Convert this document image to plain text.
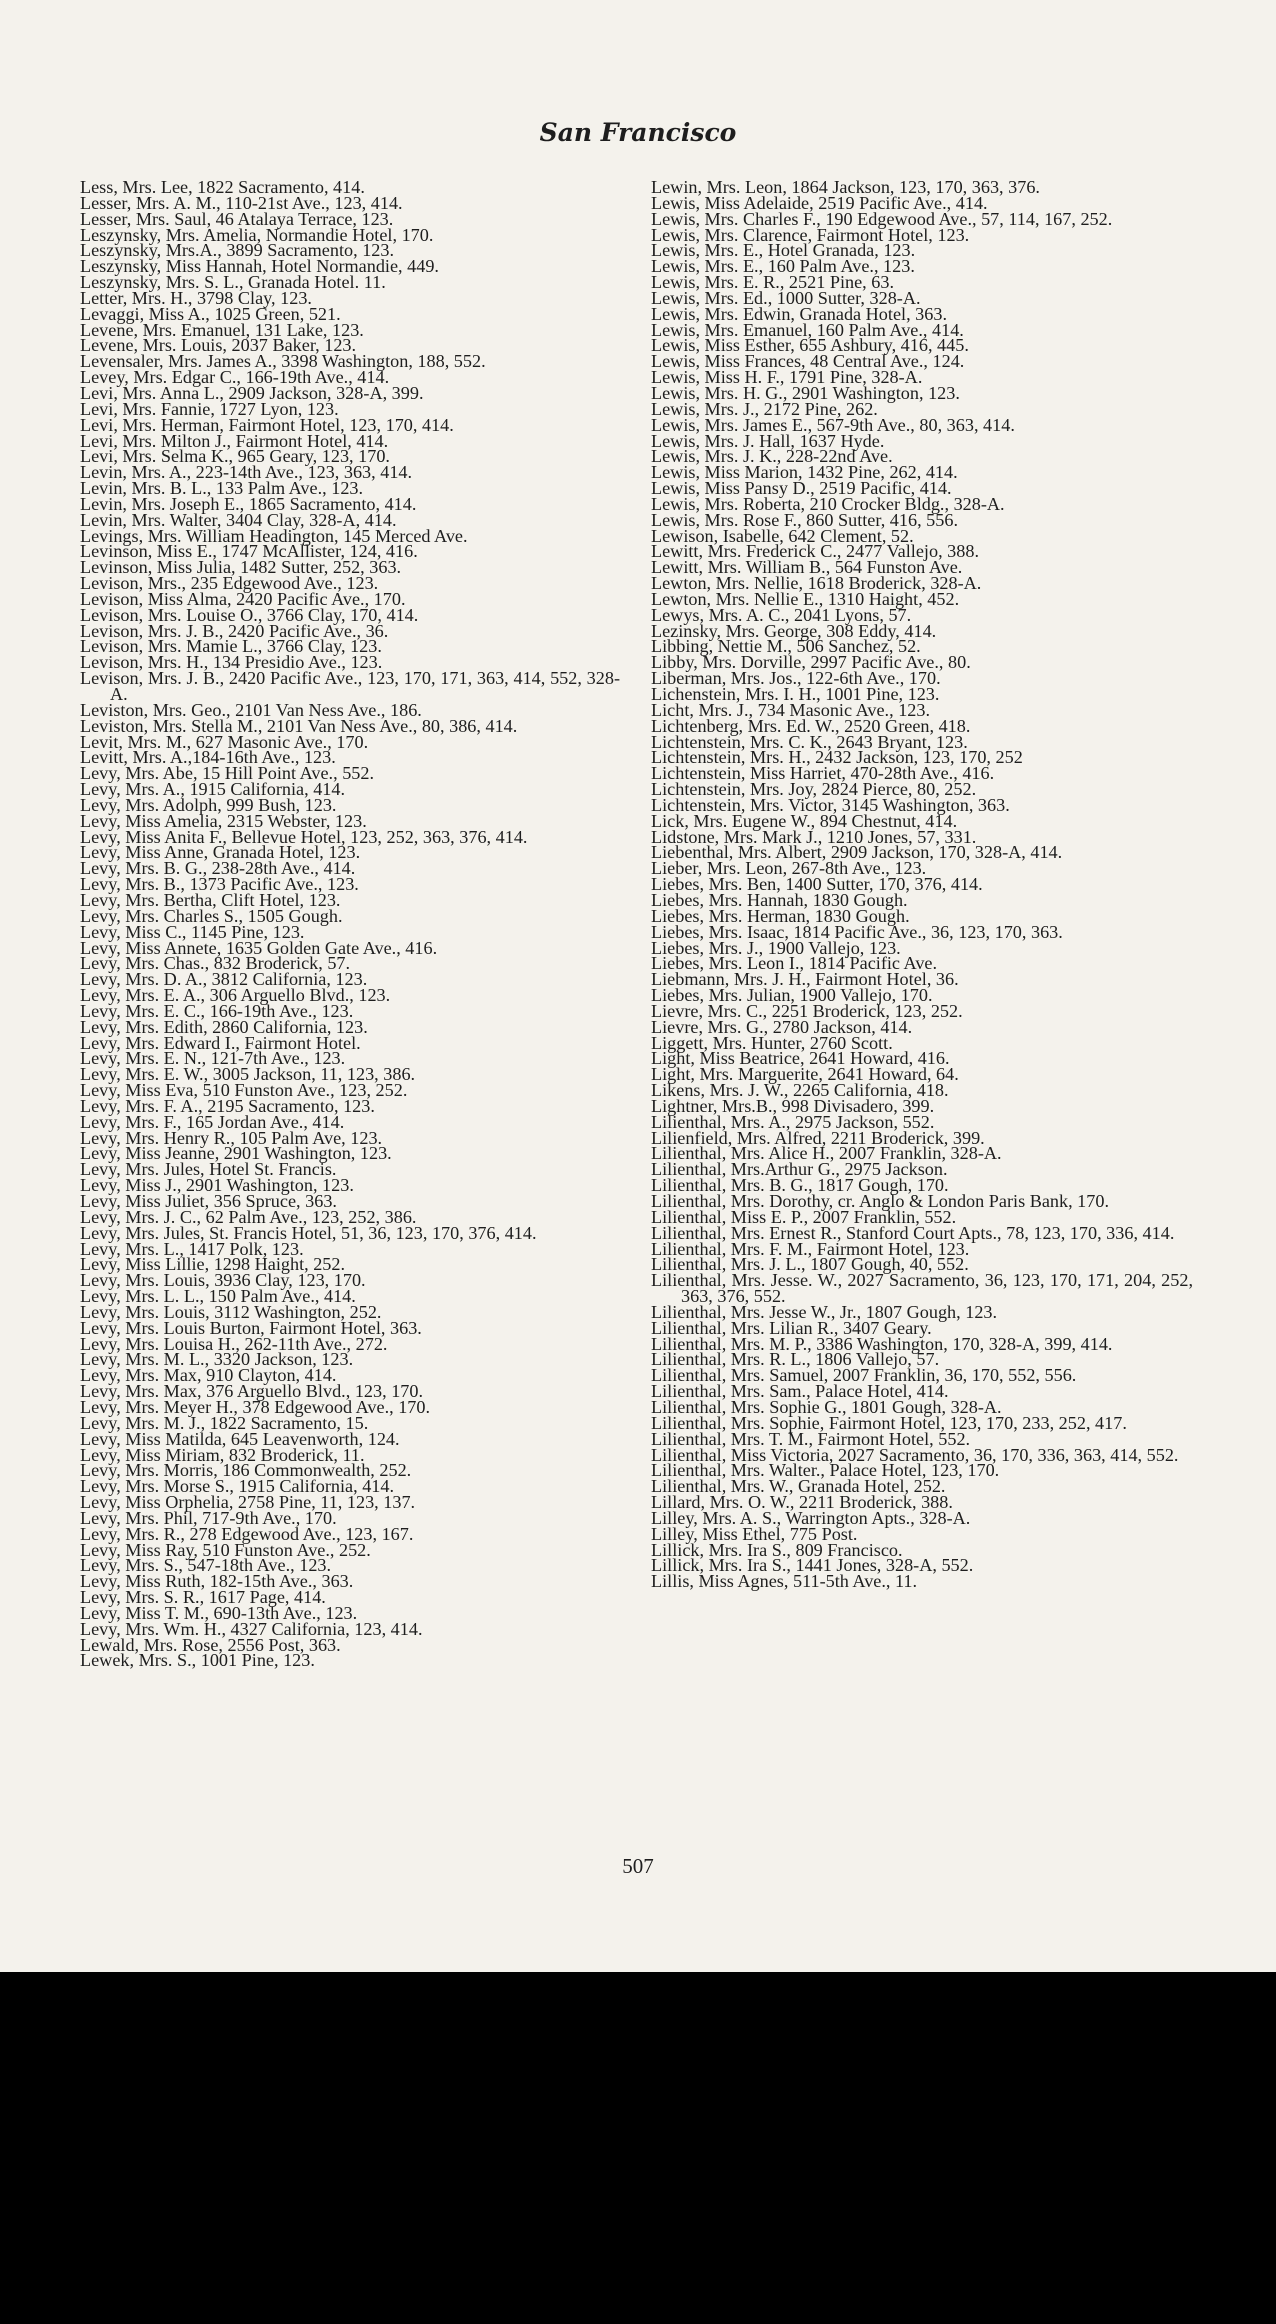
San Francisco

Less, Mrs. Lee, 1822 Sacramento, 414.

Lesser, Mrs. A. M., 110-21st Ave., 123, 414.

Lesser, Mrs. Saul, 46 Atalaya Terrace, 123.

Leszynsky, Mrs. Amelia, Normandie Hotel, 170.

Leszynsky, Mrs.A., 3899 Sacramento, 123.

Leszynsky, Miss Hannah, Hotel Normandie, 449.

Leszynsky, Mrs. S. L., Granada Hotel. 11.

Letter, Mrs. H., 3798 Clay, 123.

Levaggi, Miss A., 1025 Green, 521.

Levene, Mrs. Emanuel, 131 Lake, 123.

Levene, Mrs. Louis, 2037 Baker, 123.

Levensaler, Mrs. James A., 3398 Washington, 188, 552.

Levey, Mrs. Edgar C., 166-19th Ave., 414.

Levi, Mrs. Anna L., 2909 Jackson, 328-A, 399.

Levi, Mrs. Fannie, 1727 Lyon, 123.

Levi, Mrs. Herman, Fairmont Hotel, 123, 170, 414.

Levi, Mrs. Milton J., Fairmont Hotel, 414.

Levi, Mrs. Selma K., 965 Geary, 123, 170.

Levin, Mrs. A., 223-14th Ave., 123, 363, 414.

Levin, Mrs. B. L., 133 Palm Ave., 123.

Levin, Mrs. Joseph E., 1865 Sacramento, 414.

Levin, Mrs. Walter, 3404 Clay, 328-A, 414.

Levings, Mrs. William Headington, 145 Merced Ave.

Levinson, Miss E., 1747 McAllister, 124, 416.

Levinson, Miss Julia, 1482 Sutter, 252, 363.

Levison, Mrs., 235 Edgewood Ave., 123.

Levison, Miss Alma, 2420 Pacific Ave., 170.

Levison, Mrs. Louise O., 3766 Clay, 170, 414.

Levison, Mrs. J. B., 2420 Pacific Ave., 36.

Levison, Mrs. Mamie L., 3766 Clay, 123.

Levison, Mrs. H., 134 Presidio Ave., 123.

Levison, Mrs. J. B., 2420 Pacific Ave., 123, 170, 171, 363, 414, 552, 328-A.

Leviston, Mrs. Geo., 2101 Van Ness Ave., 186.

Leviston, Mrs. Stella M., 2101 Van Ness Ave., 80, 386, 414.

Levit, Mrs. M., 627 Masonic Ave., 170.

Levitt, Mrs. A.,184-16th Ave., 123.

Levy, Mrs. Abe, 15 Hill Point Ave., 552.

Levy, Mrs. A., 1915 California, 414.

Levy, Mrs. Adolph, 999 Bush, 123.

Levy, Miss Amelia, 2315 Webster, 123.

Levy, Miss Anita F., Bellevue Hotel, 123, 252, 363, 376, 414.

Levy, Miss Anne, Granada Hotel, 123.

Levy, Mrs. B. G., 238-28th Ave., 414.

Levy, Mrs. B., 1373 Pacific Ave., 123.

Levy, Mrs. Bertha, Clift Hotel, 123.

Levy, Mrs. Charles S., 1505 Gough.

Levy, Miss C., 1145 Pine, 123.

Levy, Miss Annete, 1635 Golden Gate Ave., 416.

Levy, Mrs. Chas., 832 Broderick, 57.

Levy, Mrs. D. A., 3812 California, 123.

Levy, Mrs. E. A., 306 Arguello Blvd., 123.

Levy, Mrs. E. C., 166-19th Ave., 123.

Levy, Mrs. Edith, 2860 California, 123.

Levy, Mrs. Edward I., Fairmont Hotel.

Levy, Mrs. E. N., 121-7th Ave., 123.

Levy, Mrs. E. W., 3005 Jackson, 11, 123, 386.

Levy, Miss Eva, 510 Funston Ave., 123, 252.

Levy, Mrs. F. A., 2195 Sacramento, 123.

Levy, Mrs. F., 165 Jordan Ave., 414.

Levy, Mrs. Henry R., 105 Palm Ave, 123.

Levy, Miss Jeanne, 2901 Washington, 123.

Levy, Mrs. Jules, Hotel St. Francis.

Levy, Miss J., 2901 Washington, 123.

Levy, Miss Juliet, 356 Spruce, 363.

Levy, Mrs. J. C., 62 Palm Ave., 123, 252, 386.

Levy, Mrs. Jules, St. Francis Hotel, 51, 36, 123, 170, 376, 414.

Levy, Mrs. L., 1417 Polk, 123.

Levy, Miss Lillie, 1298 Haight, 252.

Levy, Mrs. Louis, 3936 Clay, 123, 170.

Levy, Mrs. L. L., 150 Palm Ave., 414.

Levy, Mrs. Louis, 3112 Washington, 252.

Levy, Mrs. Louis Burton, Fairmont Hotel, 363.

Levy, Mrs. Louisa H., 262-11th Ave., 272.

Levy, Mrs. M. L., 3320 Jackson, 123.

Levy, Mrs. Max, 910 Clayton, 414.

Levy, Mrs. Max, 376 Arguello Blvd., 123, 170.

Levy, Mrs. Meyer H., 378 Edgewood Ave., 170.

Levy, Mrs. M. J., 1822 Sacramento, 15.

Levy, Miss Matilda, 645 Leavenworth, 124.

Levy, Miss Miriam, 832 Broderick, 11.

Levy, Mrs. Morris, 186 Commonwealth, 252.

Levy, Mrs. Morse S., 1915 California, 414.

Levy, Miss Orphelia, 2758 Pine, 11, 123, 137.

Levy, Mrs. Phil, 717-9th Ave., 170.

Levy, Mrs. R., 278 Edgewood Ave., 123, 167.

Levy, Miss Ray, 510 Funston Ave., 252.

Levy, Mrs. S., 547-18th Ave., 123.

Levy, Miss Ruth, 182-15th Ave., 363.

Levy, Mrs. S. R., 1617 Page, 414.

Levy, Miss T. M., 690-13th Ave., 123.

Levy, Mrs. Wm. H., 4327 California, 123, 414.

Lewald, Mrs. Rose, 2556 Post, 363.

Lewek, Mrs. S., 1001 Pine, 123.

Lewin, Mrs. Leon, 1864 Jackson, 123, 170, 363, 376.

Lewis, Miss Adelaide, 2519 Pacific Ave., 414.

Lewis, Mrs. Charles F., 190 Edgewood Ave., 57, 114, 167, 252.

Lewis, Mrs. Clarence, Fairmont Hotel, 123.

Lewis, Mrs. E., Hotel Granada, 123.

Lewis, Mrs. E., 160 Palm Ave., 123.

Lewis, Mrs. E. R., 2521 Pine, 63.

Lewis, Mrs. Ed., 1000 Sutter, 328-A.

Lewis, Mrs. Edwin, Granada Hotel, 363.

Lewis, Mrs. Emanuel, 160 Palm Ave., 414.

Lewis, Miss Esther, 655 Ashbury, 416, 445.

Lewis, Miss Frances, 48 Central Ave., 124.

Lewis, Miss H. F., 1791 Pine, 328-A.

Lewis, Mrs. H. G., 2901 Washington, 123.

Lewis, Mrs. J., 2172 Pine, 262.

Lewis, Mrs. James E., 567-9th Ave., 80, 363, 414.

Lewis, Mrs. J. Hall, 1637 Hyde.

Lewis, Mrs. J. K., 228-22nd Ave.

Lewis, Miss Marion, 1432 Pine, 262, 414.

Lewis, Miss Pansy D., 2519 Pacific, 414.

Lewis, Mrs. Roberta, 210 Crocker Bldg., 328-A.

Lewis, Mrs. Rose F., 860 Sutter, 416, 556.

Lewison, Isabelle, 642 Clement, 52.

Lewitt, Mrs. Frederick C., 2477 Vallejo, 388.

Lewitt, Mrs. William B., 564 Funston Ave.

Lewton, Mrs. Nellie, 1618 Broderick, 328-A.

Lewton, Mrs. Nellie E., 1310 Haight, 452.

Lewys, Mrs. A. C., 2041 Lyons, 57.

Lezinsky, Mrs. George, 308 Eddy, 414.

Libbing, Nettie M., 506 Sanchez, 52.

Libby, Mrs. Dorville, 2997 Pacific Ave., 80.

Liberman, Mrs. Jos., 122-6th Ave., 170.

Lichenstein, Mrs. I. H., 1001 Pine, 123.

Licht, Mrs. J., 734 Masonic Ave., 123.

Lichtenberg, Mrs. Ed. W., 2520 Green, 418.

Lichtenstein, Mrs. C. K., 2643 Bryant, 123.

Lichtenstein, Mrs. H., 2432 Jackson, 123, 170, 252

Lichtenstein, Miss Harriet, 470-28th Ave., 416.

Lichtenstein, Mrs. Joy, 2824 Pierce, 80, 252.

Lichtenstein, Mrs. Victor, 3145 Washington, 363.

Lick, Mrs. Eugene W., 894 Chestnut, 414.

Lidstone, Mrs. Mark J., 1210 Jones, 57, 331.

Liebenthal, Mrs. Albert, 2909 Jackson, 170, 328-A, 414.

Lieber, Mrs. Leon, 267-8th Ave., 123.

Liebes, Mrs. Ben, 1400 Sutter, 170, 376, 414.

Liebes, Mrs. Hannah, 1830 Gough.

Liebes, Mrs. Herman, 1830 Gough.

Liebes, Mrs. Isaac, 1814 Pacific Ave., 36, 123, 170, 363.

Liebes, Mrs. J., 1900 Vallejo, 123.

Liebes, Mrs. Leon I., 1814 Pacific Ave.

Liebmann, Mrs. J. H., Fairmont Hotel, 36.

Liebes, Mrs. Julian, 1900 Vallejo, 170.

Lievre, Mrs. C., 2251 Broderick, 123, 252.

Lievre, Mrs. G., 2780 Jackson, 414.

Liggett, Mrs. Hunter, 2760 Scott.

Light, Miss Beatrice, 2641 Howard, 416.

Light, Mrs. Marguerite, 2641 Howard, 64.

Likens, Mrs. J. W., 2265 California, 418.

Lightner, Mrs.B., 998 Divisadero, 399.

Lilienthal, Mrs. A., 2975 Jackson, 552.

Lilienfield, Mrs. Alfred, 2211 Broderick, 399.

Lilienthal, Mrs. Alice H., 2007 Franklin, 328-A.

Lilienthal, Mrs.Arthur G., 2975 Jackson.

Lilienthal, Mrs. B. G., 1817 Gough, 170.

Lilienthal, Mrs. Dorothy, cr. Anglo & London Paris Bank, 170.

Lilienthal, Miss E. P., 2007 Franklin, 552.

Lilienthal, Mrs. Ernest R., Stanford Court Apts., 78, 123, 170, 336, 414.

Lilienthal, Mrs. F. M., Fairmont Hotel, 123.

Lilienthal, Mrs. J. L., 1807 Gough, 40, 552.

Lilienthal, Mrs. Jesse. W., 2027 Sacramento, 36, 123, 170, 171, 204, 252, 363, 376, 552.

Lilienthal, Mrs. Jesse W., Jr., 1807 Gough, 123.

Lilienthal, Mrs. Lilian R., 3407 Geary.

Lilienthal, Mrs. M. P., 3386 Washington, 170, 328-A, 399, 414.

Lilienthal, Mrs. R. L., 1806 Vallejo, 57.

Lilienthal, Mrs. Samuel, 2007 Franklin, 36, 170, 552, 556.

Lilienthal, Mrs. Sam., Palace Hotel, 414.

Lilienthal, Mrs. Sophie G., 1801 Gough, 328-A.

Lilienthal, Mrs. Sophie, Fairmont Hotel, 123, 170, 233, 252, 417.

Lilienthal, Mrs. T. M., Fairmont Hotel, 552.

Lilienthal, Miss Victoria, 2027 Sacramento, 36, 170, 336, 363, 414, 552.

Lilienthal, Mrs. Walter., Palace Hotel, 123, 170.

Lilienthal, Mrs. W., Granada Hotel, 252.

Lillard, Mrs. O. W., 2211 Broderick, 388.

Lilley, Mrs. A. S., Warrington Apts., 328-A.

Lilley, Miss Ethel, 775 Post.

Lillick, Mrs. Ira S., 809 Francisco.

Lillick, Mrs. Ira S., 1441 Jones, 328-A, 552.

Lillis, Miss Agnes, 511-5th Ave., 11.

507
